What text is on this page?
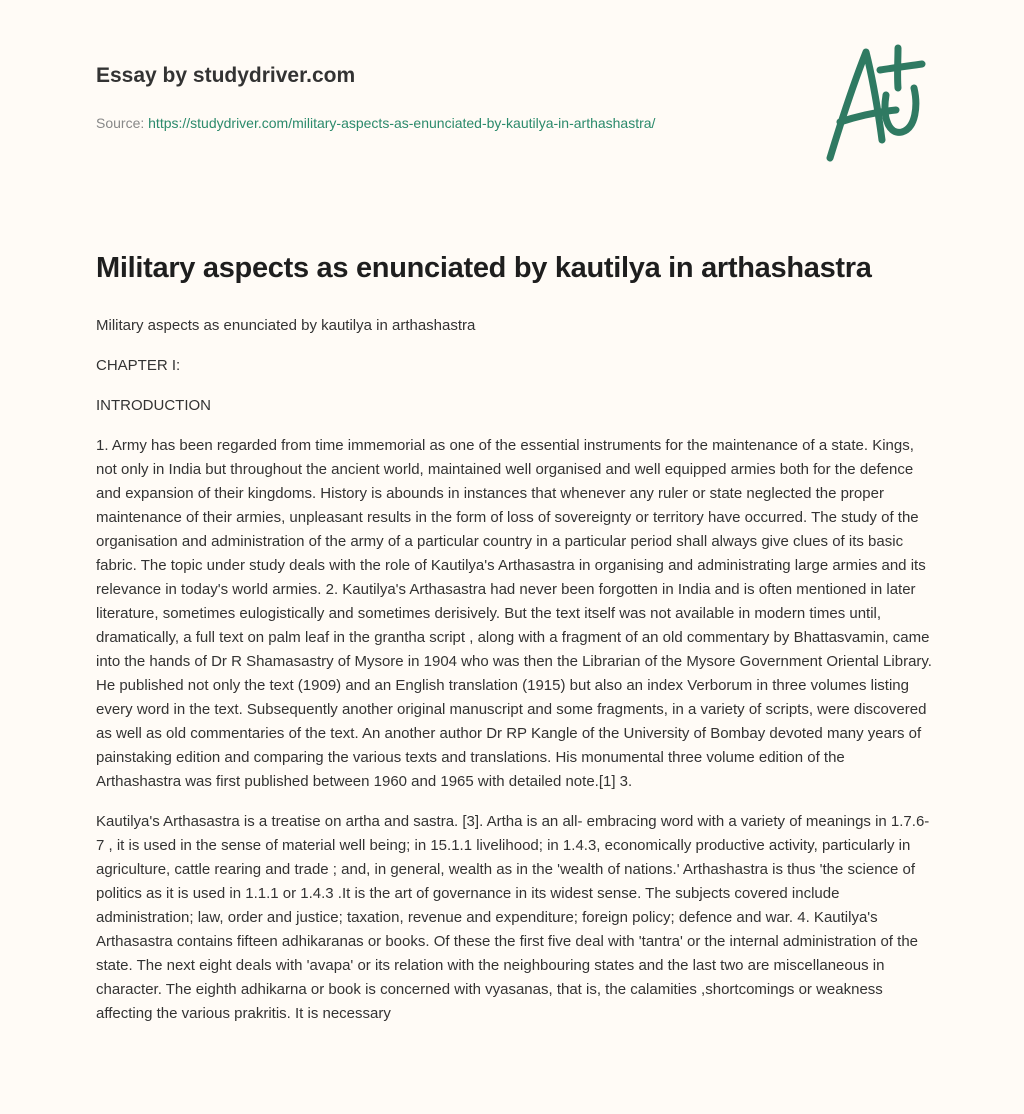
Essay by studydriver.com
Source: https://studydriver.com/military-aspects-as-enunciated-by-kautilya-in-arthashastra/
Military aspects as enunciated by kautilya in arthashastra

Military aspects as enunciated by kautilya in arthashastra

CHAPTER I:

INTRODUCTION

1. Army has been regarded from time immemorial as one of the essential instruments for the maintenance of a state. Kings, not only in India but throughout the ancient world, maintained well organised and well equipped armies both for the defence and expansion of their kingdoms. History is abounds in instances that whenever any ruler or state neglected the proper maintenance of their armies, unpleasant results in the form of loss of sovereignty or territory have occurred. The study of the organisation and administration of the army of a particular country in a particular period shall always give clues of its basic fabric. The topic under study deals with the role of Kautilya's Arthasastra in organising and administrating large armies and its relevance in today's world armies. 2. Kautilya's Arthasastra had never been forgotten in India and is often mentioned in later literature, sometimes eulogistically and sometimes derisively. But the text itself was not available in modern times until, dramatically, a full text on palm leaf in the grantha script , along with a fragment of an old commentary by Bhattasvamin, came into the hands of Dr R Shamasastry of Mysore in 1904 who was then the Librarian of the Mysore Government Oriental Library. He published not only the text (1909) and an English translation (1915) but also an index Verborum in three volumes listing every word in the text. Subsequently another original manuscript and some fragments, in a variety of scripts, were discovered as well as old commentaries of the text. An another author Dr RP Kangle of the University of Bombay devoted many years of painstaking edition and comparing the various texts and translations. His monumental three volume edition of the Arthashastra was first published between 1960 and 1965 with detailed note.[1] 3.

Kautilya's Arthasastra is a treatise on artha and sastra. [3]. Artha is an all- embracing word with a variety of meanings in 1.7.6-7 , it is used in the sense of material well being; in 15.1.1 livelihood; in 1.4.3, economically productive activity, particularly in agriculture, cattle rearing and trade ; and, in general, wealth as in the 'wealth of nations.' Arthashastra is thus 'the science of politics as it is used in 1.1.1 or 1.4.3 .It is the art of governance in its widest sense. The subjects covered include administration; law, order and justice; taxation, revenue and expenditure; foreign policy; defence and war. 4. Kautilya's Arthasastra contains fifteen adhikaranas or books. Of these the first five deal with 'tantra' or the internal administration of the state. The next eight deals with 'avapa' or its relation with the neighbouring states and the last two are miscellaneous in character. The eighth adhikarna or book is concerned with vyasanas, that is, the calamities ,shortcomings or weakness affecting the various prakritis. It is necessary
